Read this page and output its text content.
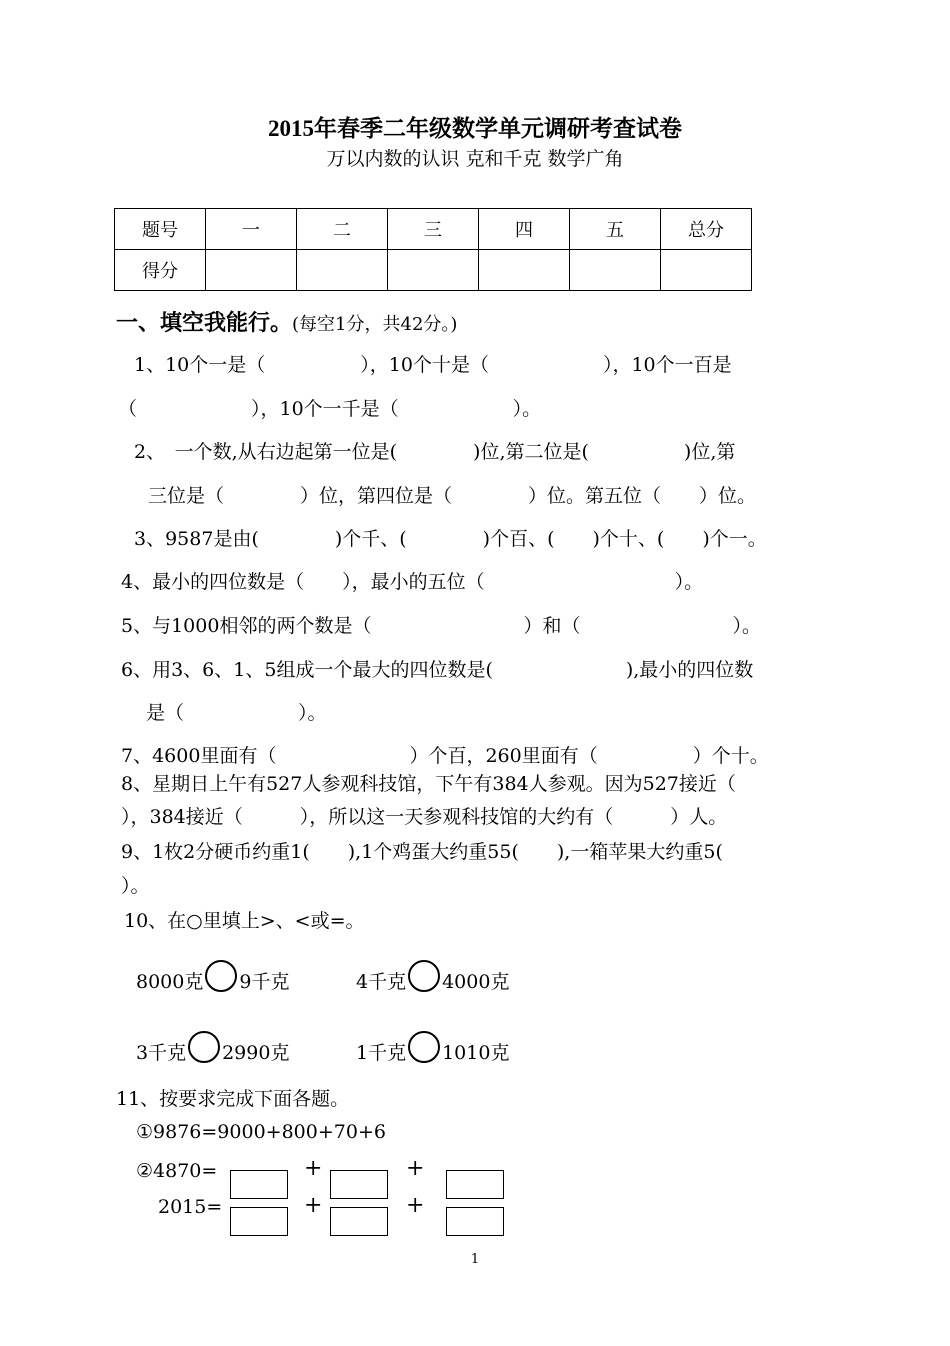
2015年春季二年级数学单元调研考查试卷
万以内数的认识 克和千克 数学广角
题号	一	二	三	四	五	总分
得分						
一、填空我能行。(每空1分，共42分。)
1、10个一是（　　　　　），10个十是（　　　　　　），10个一百是
（　　　　　　），10个一千是（　　　　　　）。
2、　一个数,从右边起第一位是(　　　　)位,第二位是(　　　　　)位,第
三位是（　　　　）位，第四位是（　　　　）位。第五位（　　）位。
3、9587是由(　　　　)个千、(　　　　)个百、(　　)个十、(　　)个一。
4、最小的四位数是（　　），最小的五位（　　　　　　　　　　）。
5、与1000相邻的两个数是（　　　　　　　　）和（　　　　　　　　）。
6、用3、6、1、5组成一个最大的四位数是(　　　　　　　),最小的四位数
是（　　　　　　）。
7、4600里面有（　　　　　　　）个百，260里面有（　　　　　）个十。
8、星期日上午有527人参观科技馆，下午有384人参观。因为527接近（
），384接近（　　　），所以这一天参观科技馆的大约有（　　　）人。
9、1枚2分硬币约重1(　　),1个鸡蛋大约重55(　　),一箱苹果大约重5(
）。
10、在○里填上>、<或=。
8000克 9千克	4千克 4000克
3千克 2990克	1千克 1010克
11、按要求完成下面各题。
①9876=9000+800+70+6
②4870=	+	+
2015=	+	+
1
